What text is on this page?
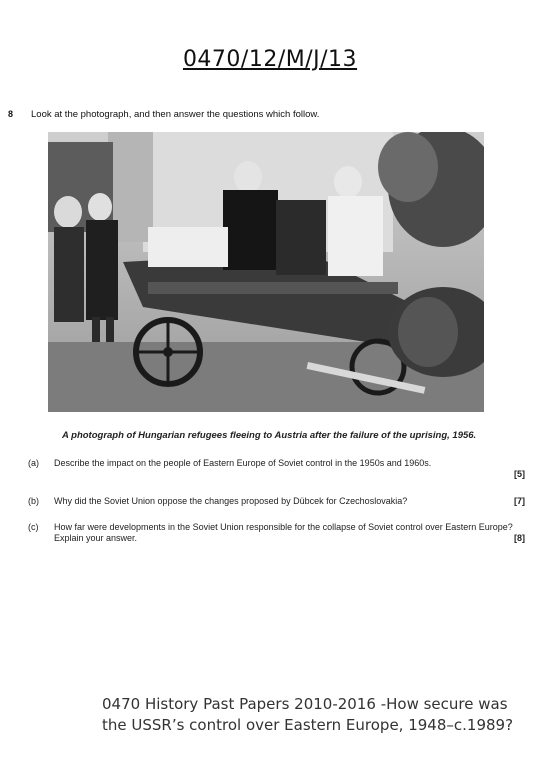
0470/12/M/J/13
8 Look at the photograph, and then answer the questions which follow.
A photograph of Hungarian refugees fleeing to Austria after the failure of the uprising, 1956.
(a)	Describe the impact on the people of Eastern Europe of Soviet control in the 1950s and 1960s.
[5]
(b)	Why did the Soviet Union oppose the changes proposed by Dübcek for Czechoslovakia?	[7]
(c)	How far were developments in the Soviet Union responsible for the collapse of Soviet control over Eastern Europe? Explain your answer.	[8]
0470 History Past Papers 2010-2016 -How secure was the USSR’s control over Eastern Europe, 1948–c.1989?
